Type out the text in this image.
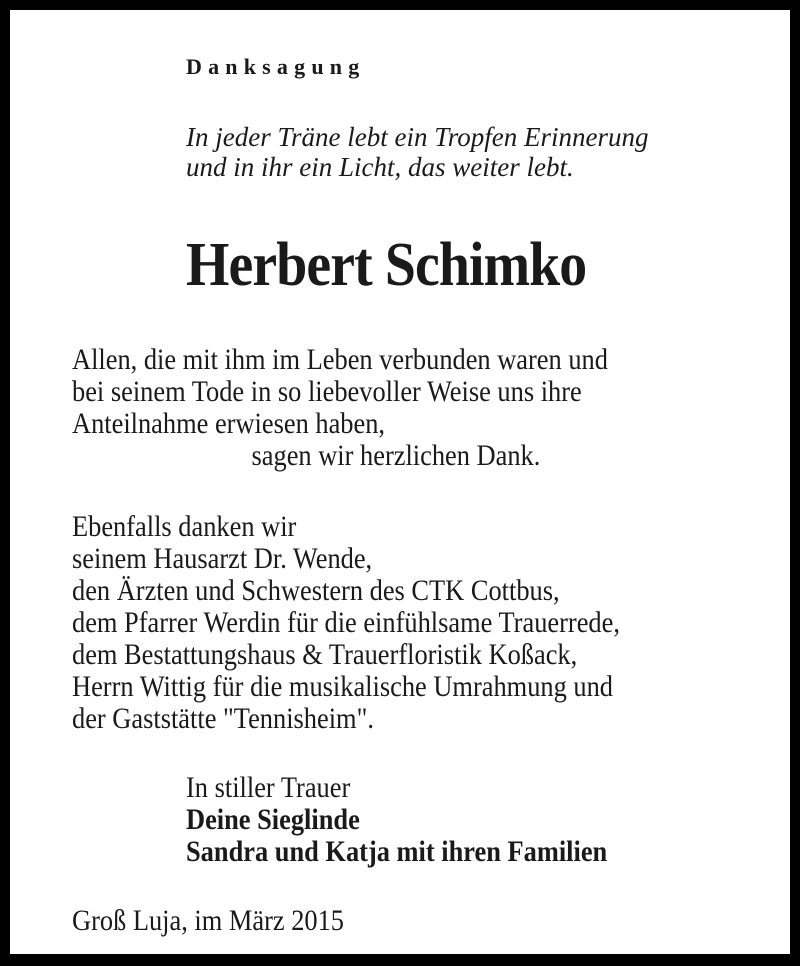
Danksagung
In jeder Träne lebt ein Tropfen Erinnerung
und in ihr ein Licht, das weiter lebt.
Herbert Schimko
Allen, die mit ihm im Leben verbunden waren und
bei seinem Tode in so liebevoller Weise uns ihre
Anteilnahme erwiesen haben,
sagen wir herzlichen Dank.
Ebenfalls danken wir
seinem Hausarzt Dr. Wende,
den Ärzten und Schwestern des CTK Cottbus,
dem Pfarrer Werdin für die einfühlsame Trauerrede,
dem Bestattungshaus & Trauerfloristik Koßack,
Herrn Wittig für die musikalische Umrahmung und
der Gaststätte "Tennisheim".
In stiller Trauer
Deine Sieglinde
Sandra und Katja mit ihren Familien
Groß Luja, im März 2015
